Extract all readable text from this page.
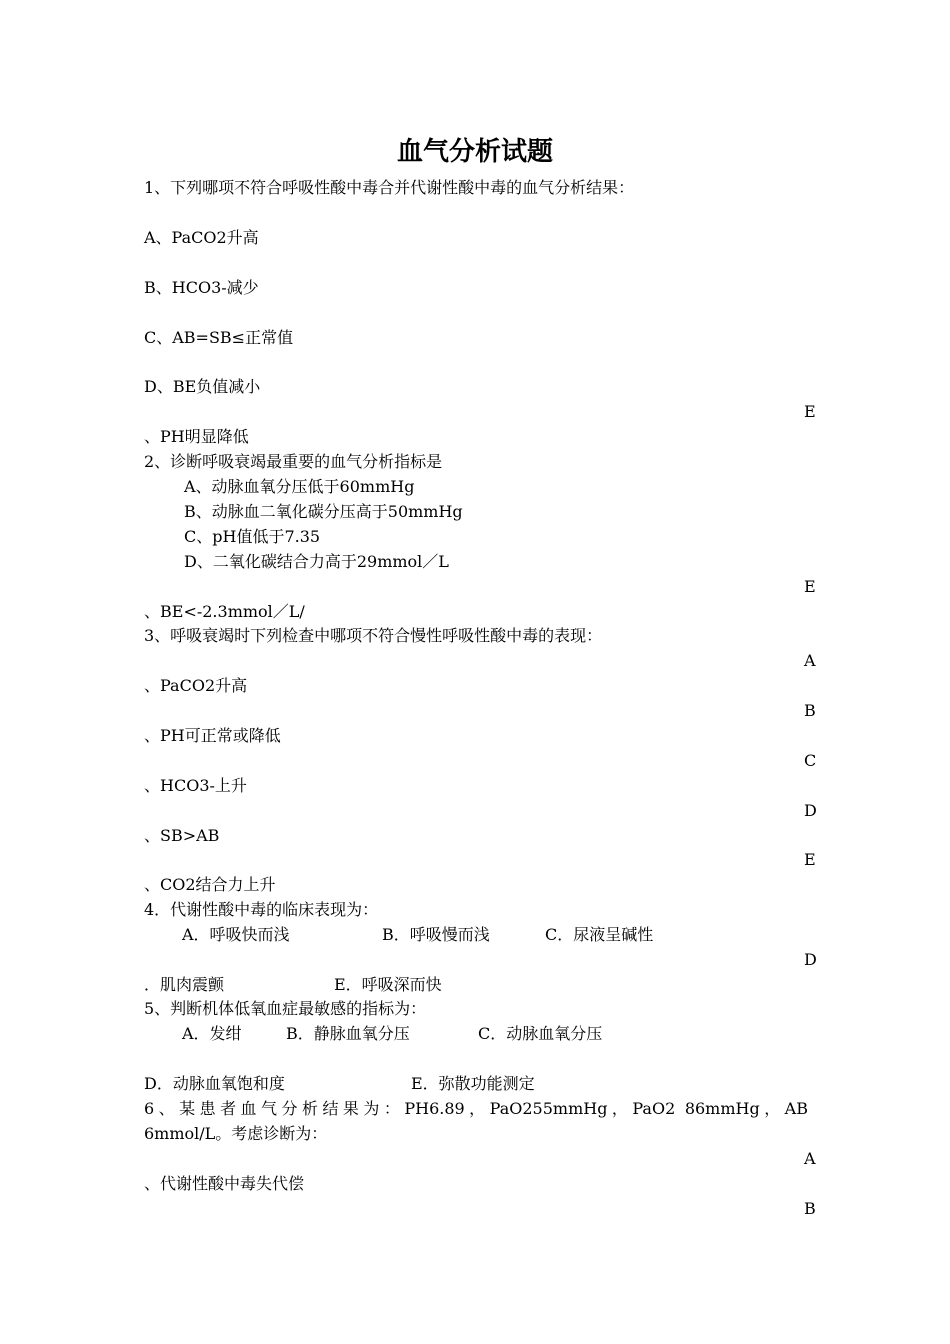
血气分析试题
1、下列哪项不符合呼吸性酸中毒合并代谢性酸中毒的血气分析结果：
A、PaCO2升高
B、HCO3-减少
C、AB=SB≤正常值
D、BE负值减小
E
、PH明显降低
2、诊断呼吸衰竭最重要的血气分析指标是
A、动脉血氧分压低于60mmHg
B、动脉血二氧化碳分压高于50mmHg
C、pH值低于7.35
D、二氧化碳结合力高于29mmol／L
E
、BE<-2.3mmol／L/
3、呼吸衰竭时下列检查中哪项不符合慢性呼吸性酸中毒的表现：
A
、PaCO2升高
B
、PH可正常或降低
C
、HCO3-上升
D
、SB>AB
E
、CO2结合力上升
4．代谢性酸中毒的临床表现为：
A．呼吸快而浅	B．呼吸慢而浅	C．尿液呈碱性
D
．肌肉震颤	E．呼吸深而快
5、判断机体低氧血症最敏感的指标为：
A．发绀	B．静脉血氧分压	C．动脉血氧分压
D．动脉血氧饱和度	E．弥散功能测定
6、某患者血气分析结果为：PH6.89，PaO255mmHg，PaO2 86mmHg，AB
6mmol/L。考虑诊断为：
A
、代谢性酸中毒失代偿
B
